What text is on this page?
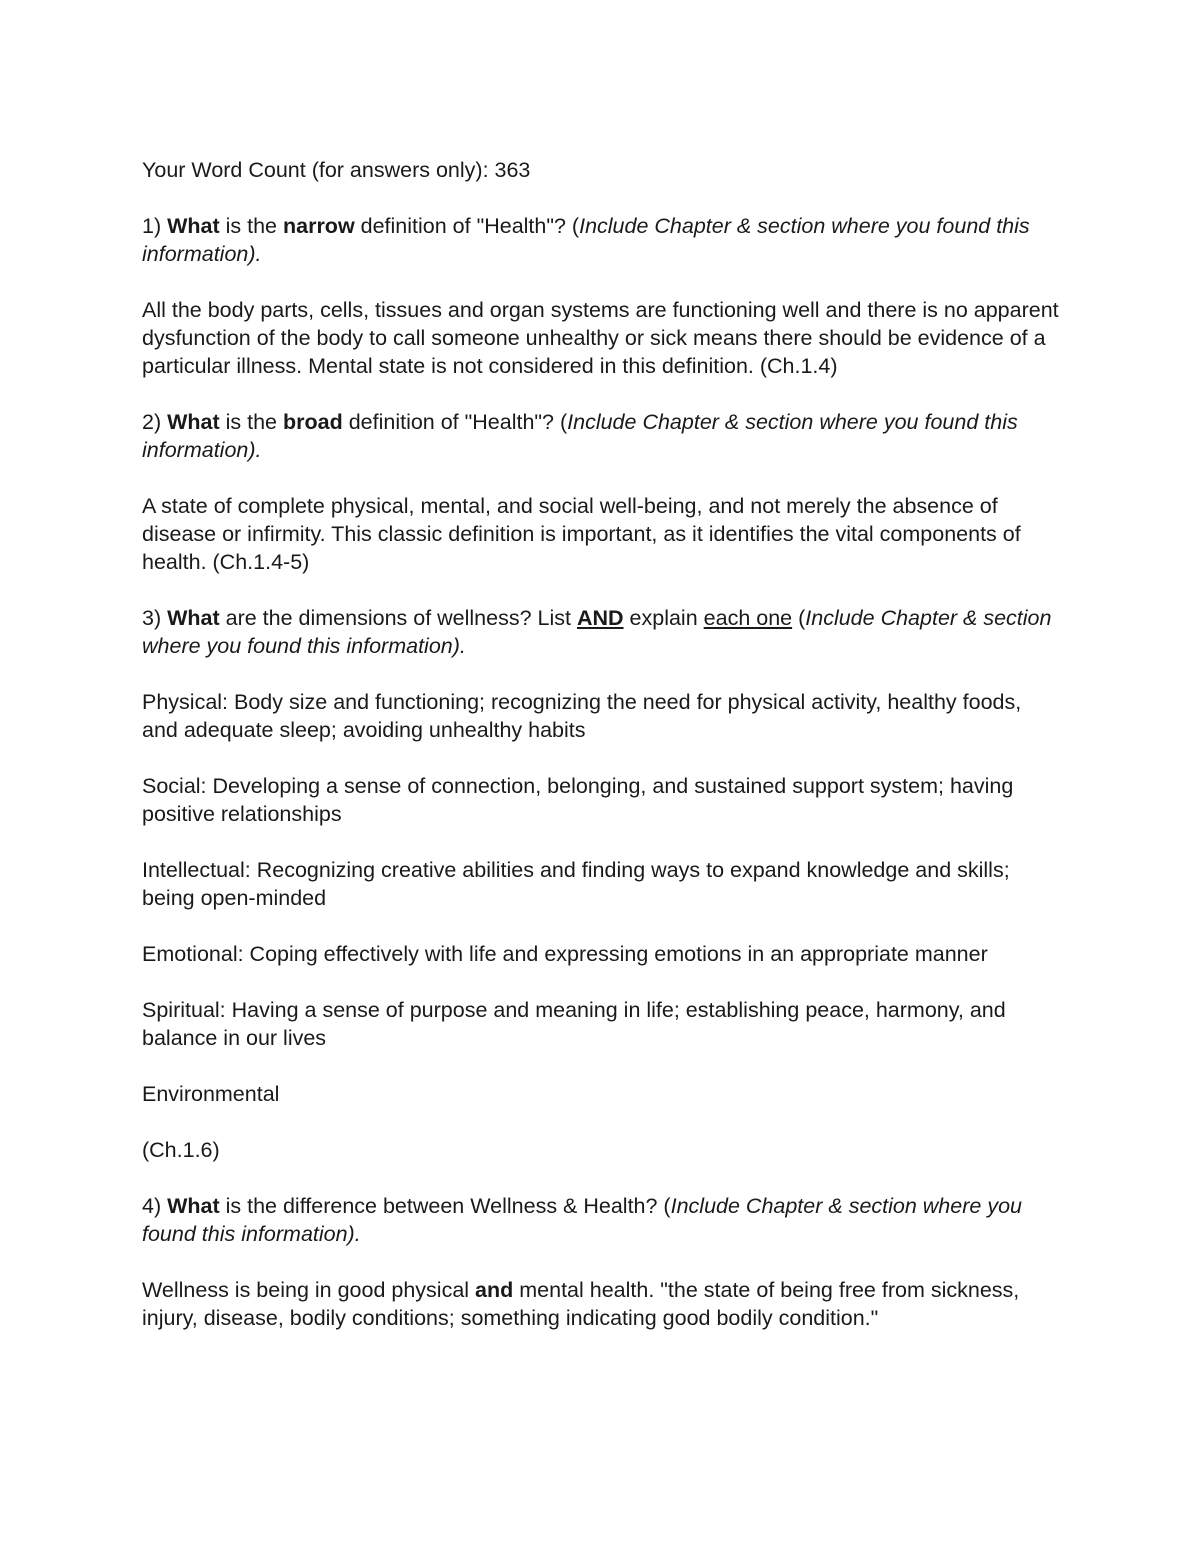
Your Word Count (for answers only): 363

1) What is the narrow definition of "Health"? (Include Chapter & section where you found this information).

All the body parts, cells, tissues and organ systems are functioning well and there is no apparent dysfunction of the body to call someone unhealthy or sick means there should be evidence of a particular illness. Mental state is not considered in this definition. (Ch.1.4)

2) What is the broad definition of "Health"? (Include Chapter & section where you found this information).

A state of complete physical, mental, and social well-being, and not merely the absence of disease or infirmity. This classic definition is important, as it identifies the vital components of health. (Ch.1.4-5)

3) What are the dimensions of wellness? List AND explain each one (Include Chapter & section where you found this information).

Physical: Body size and functioning; recognizing the need for physical activity, healthy foods, and adequate sleep; avoiding unhealthy habits

Social: Developing a sense of connection, belonging, and sustained support system; having positive relationships

Intellectual: Recognizing creative abilities and finding ways to expand knowledge and skills; being open-minded

Emotional: Coping effectively with life and expressing emotions in an appropriate manner

Spiritual: Having a sense of purpose and meaning in life; establishing peace, harmony, and balance in our lives

Environmental

(Ch.1.6)

4) What is the difference between Wellness & Health? (Include Chapter & section where you found this information).

Wellness is being in good physical and mental health. "the state of being free from sickness, injury, disease, bodily conditions; something indicating good bodily condition."
